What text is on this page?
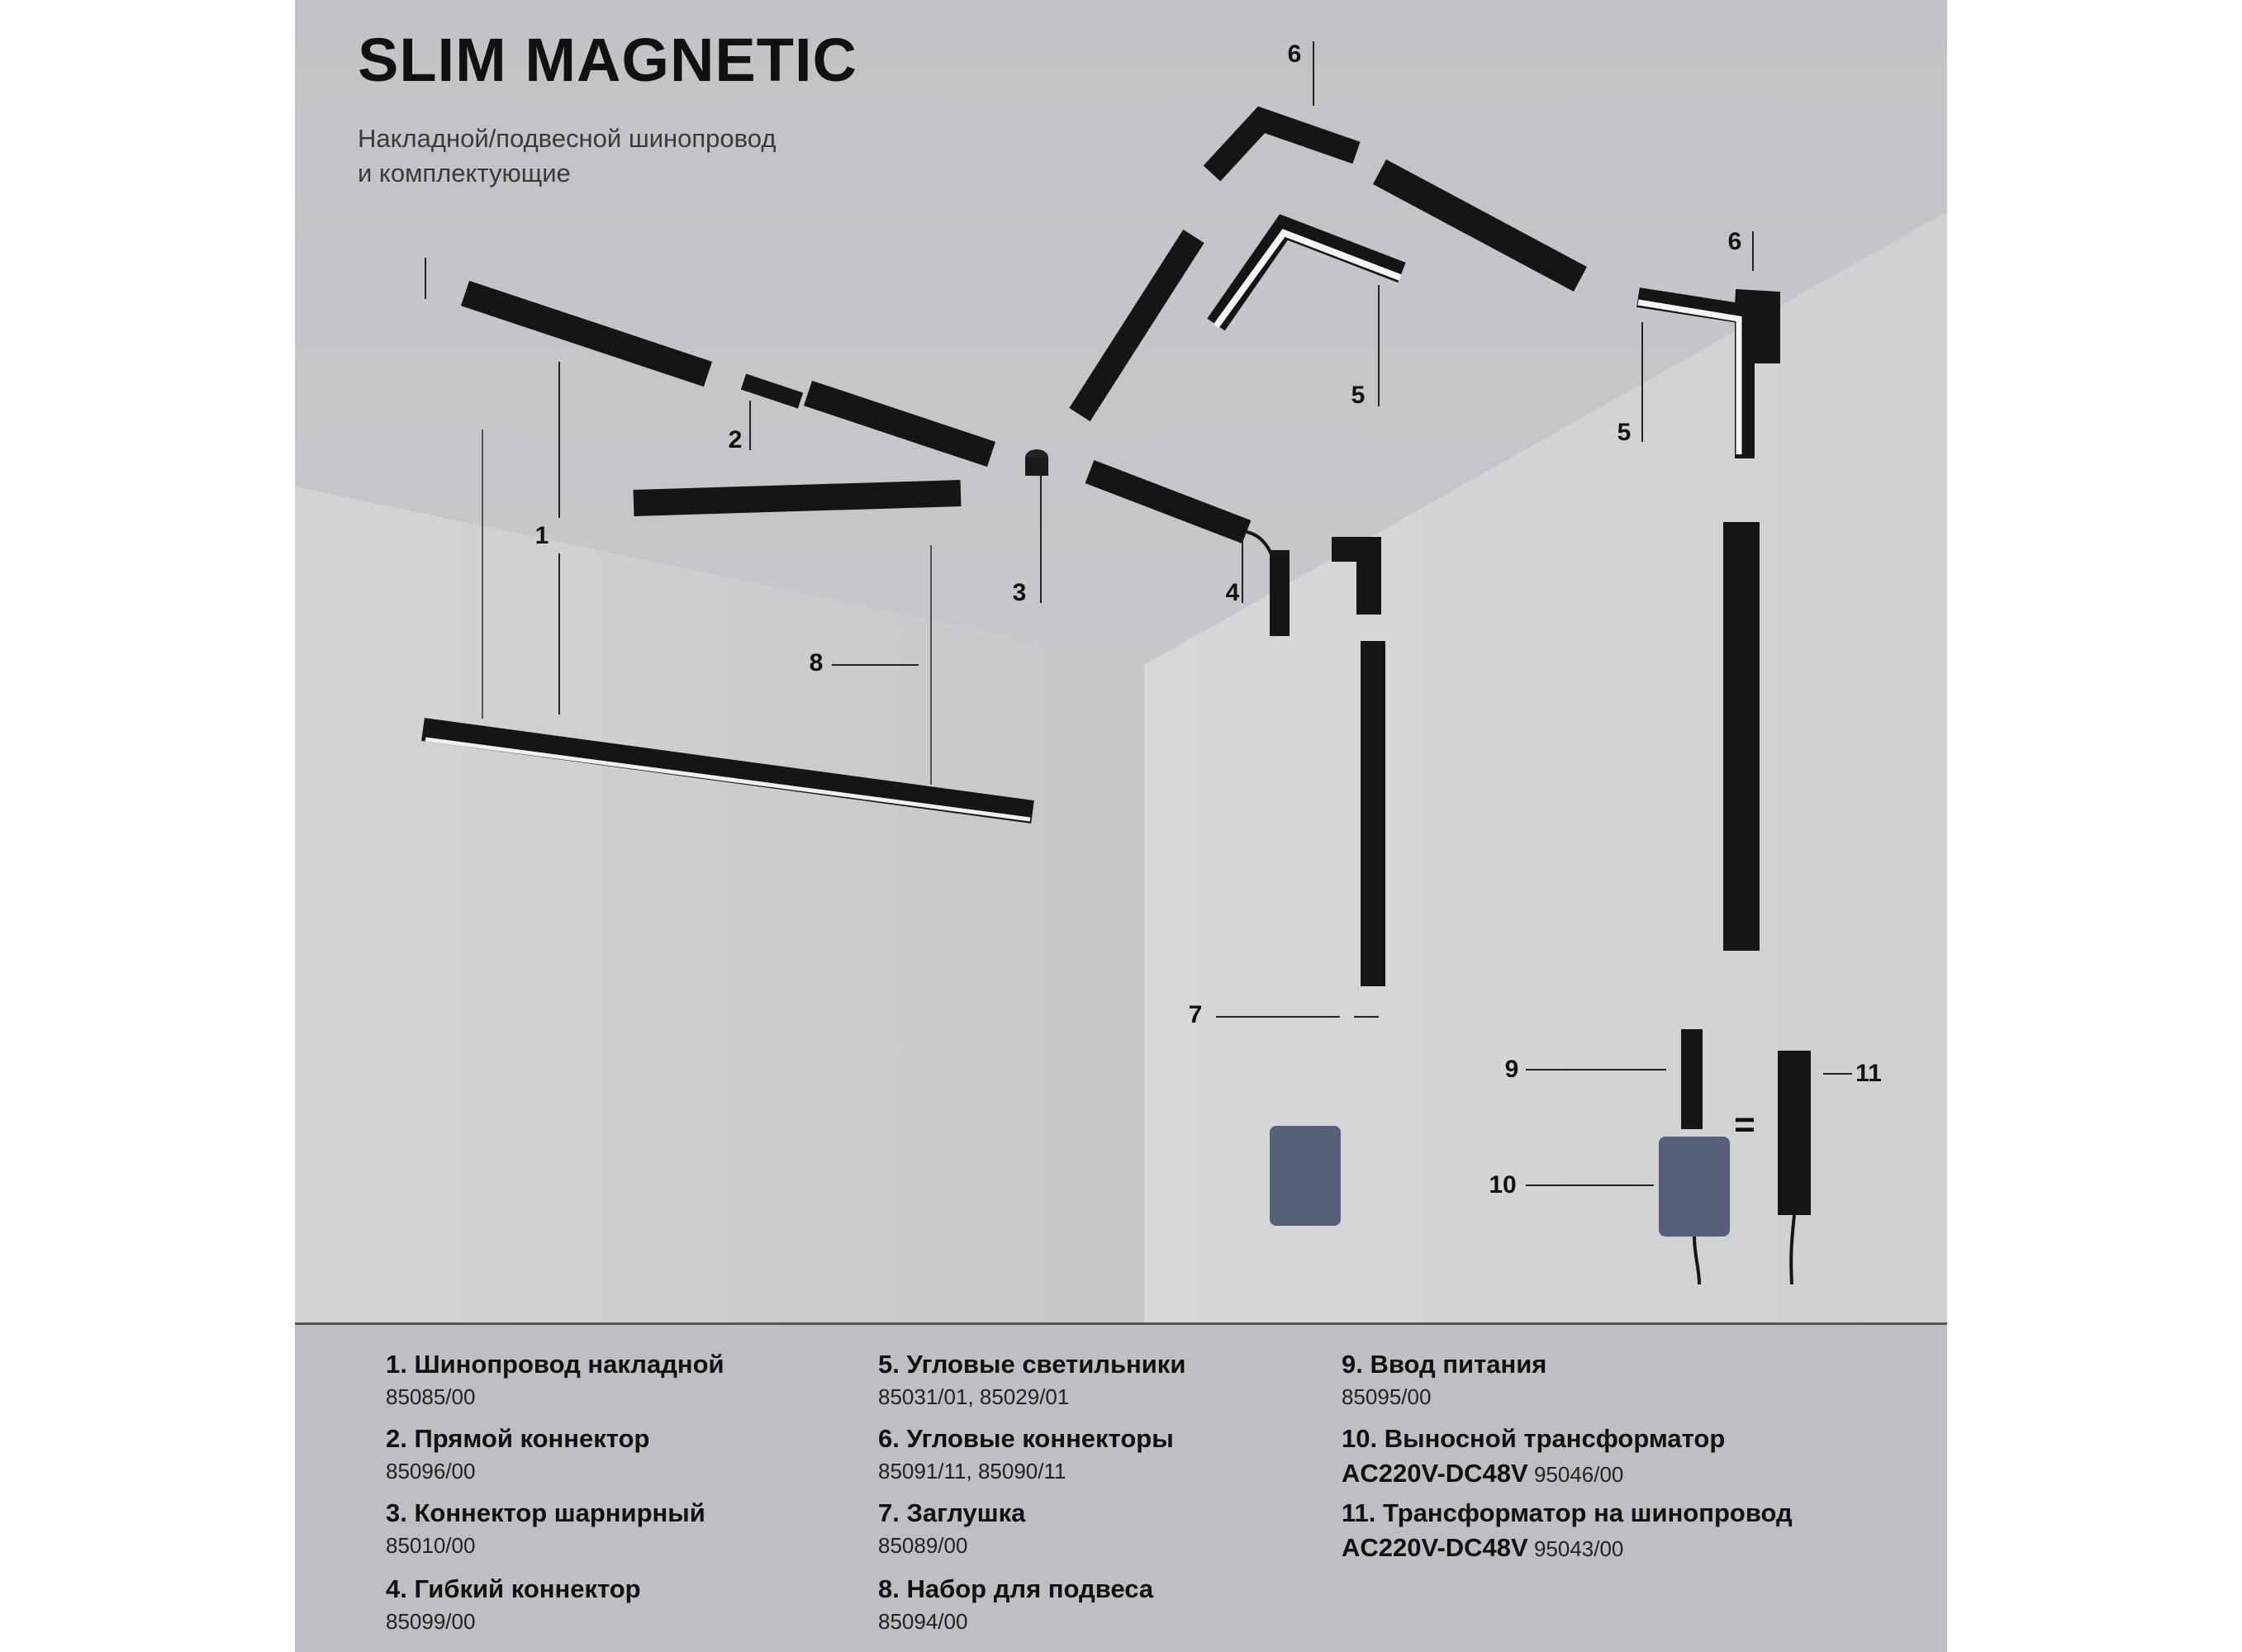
SLIM MAGNETIC
Накладной/подвесной шинопровод
и комплектующие
1
2
3	4
5
5
6
6
7
8
9
10
11
=
1. Шинопровод накладной
85085/00
2. Прямой коннектор
85096/00
3. Коннектор шарнирный
85010/00
4. Гибкий коннектор
85099/00
5. Угловые светильники
85031/01, 85029/01
6. Угловые коннекторы
85091/11, 85090/11
7. Заглушка
85089/00
8. Набор для подвеса
85094/00
9. Ввод питания
85095/00
10. Выносной трансформатор
AC220V-DC48V 95046/00
11. Трансформатор на шинопровод
AC220V-DC48V 95043/00
